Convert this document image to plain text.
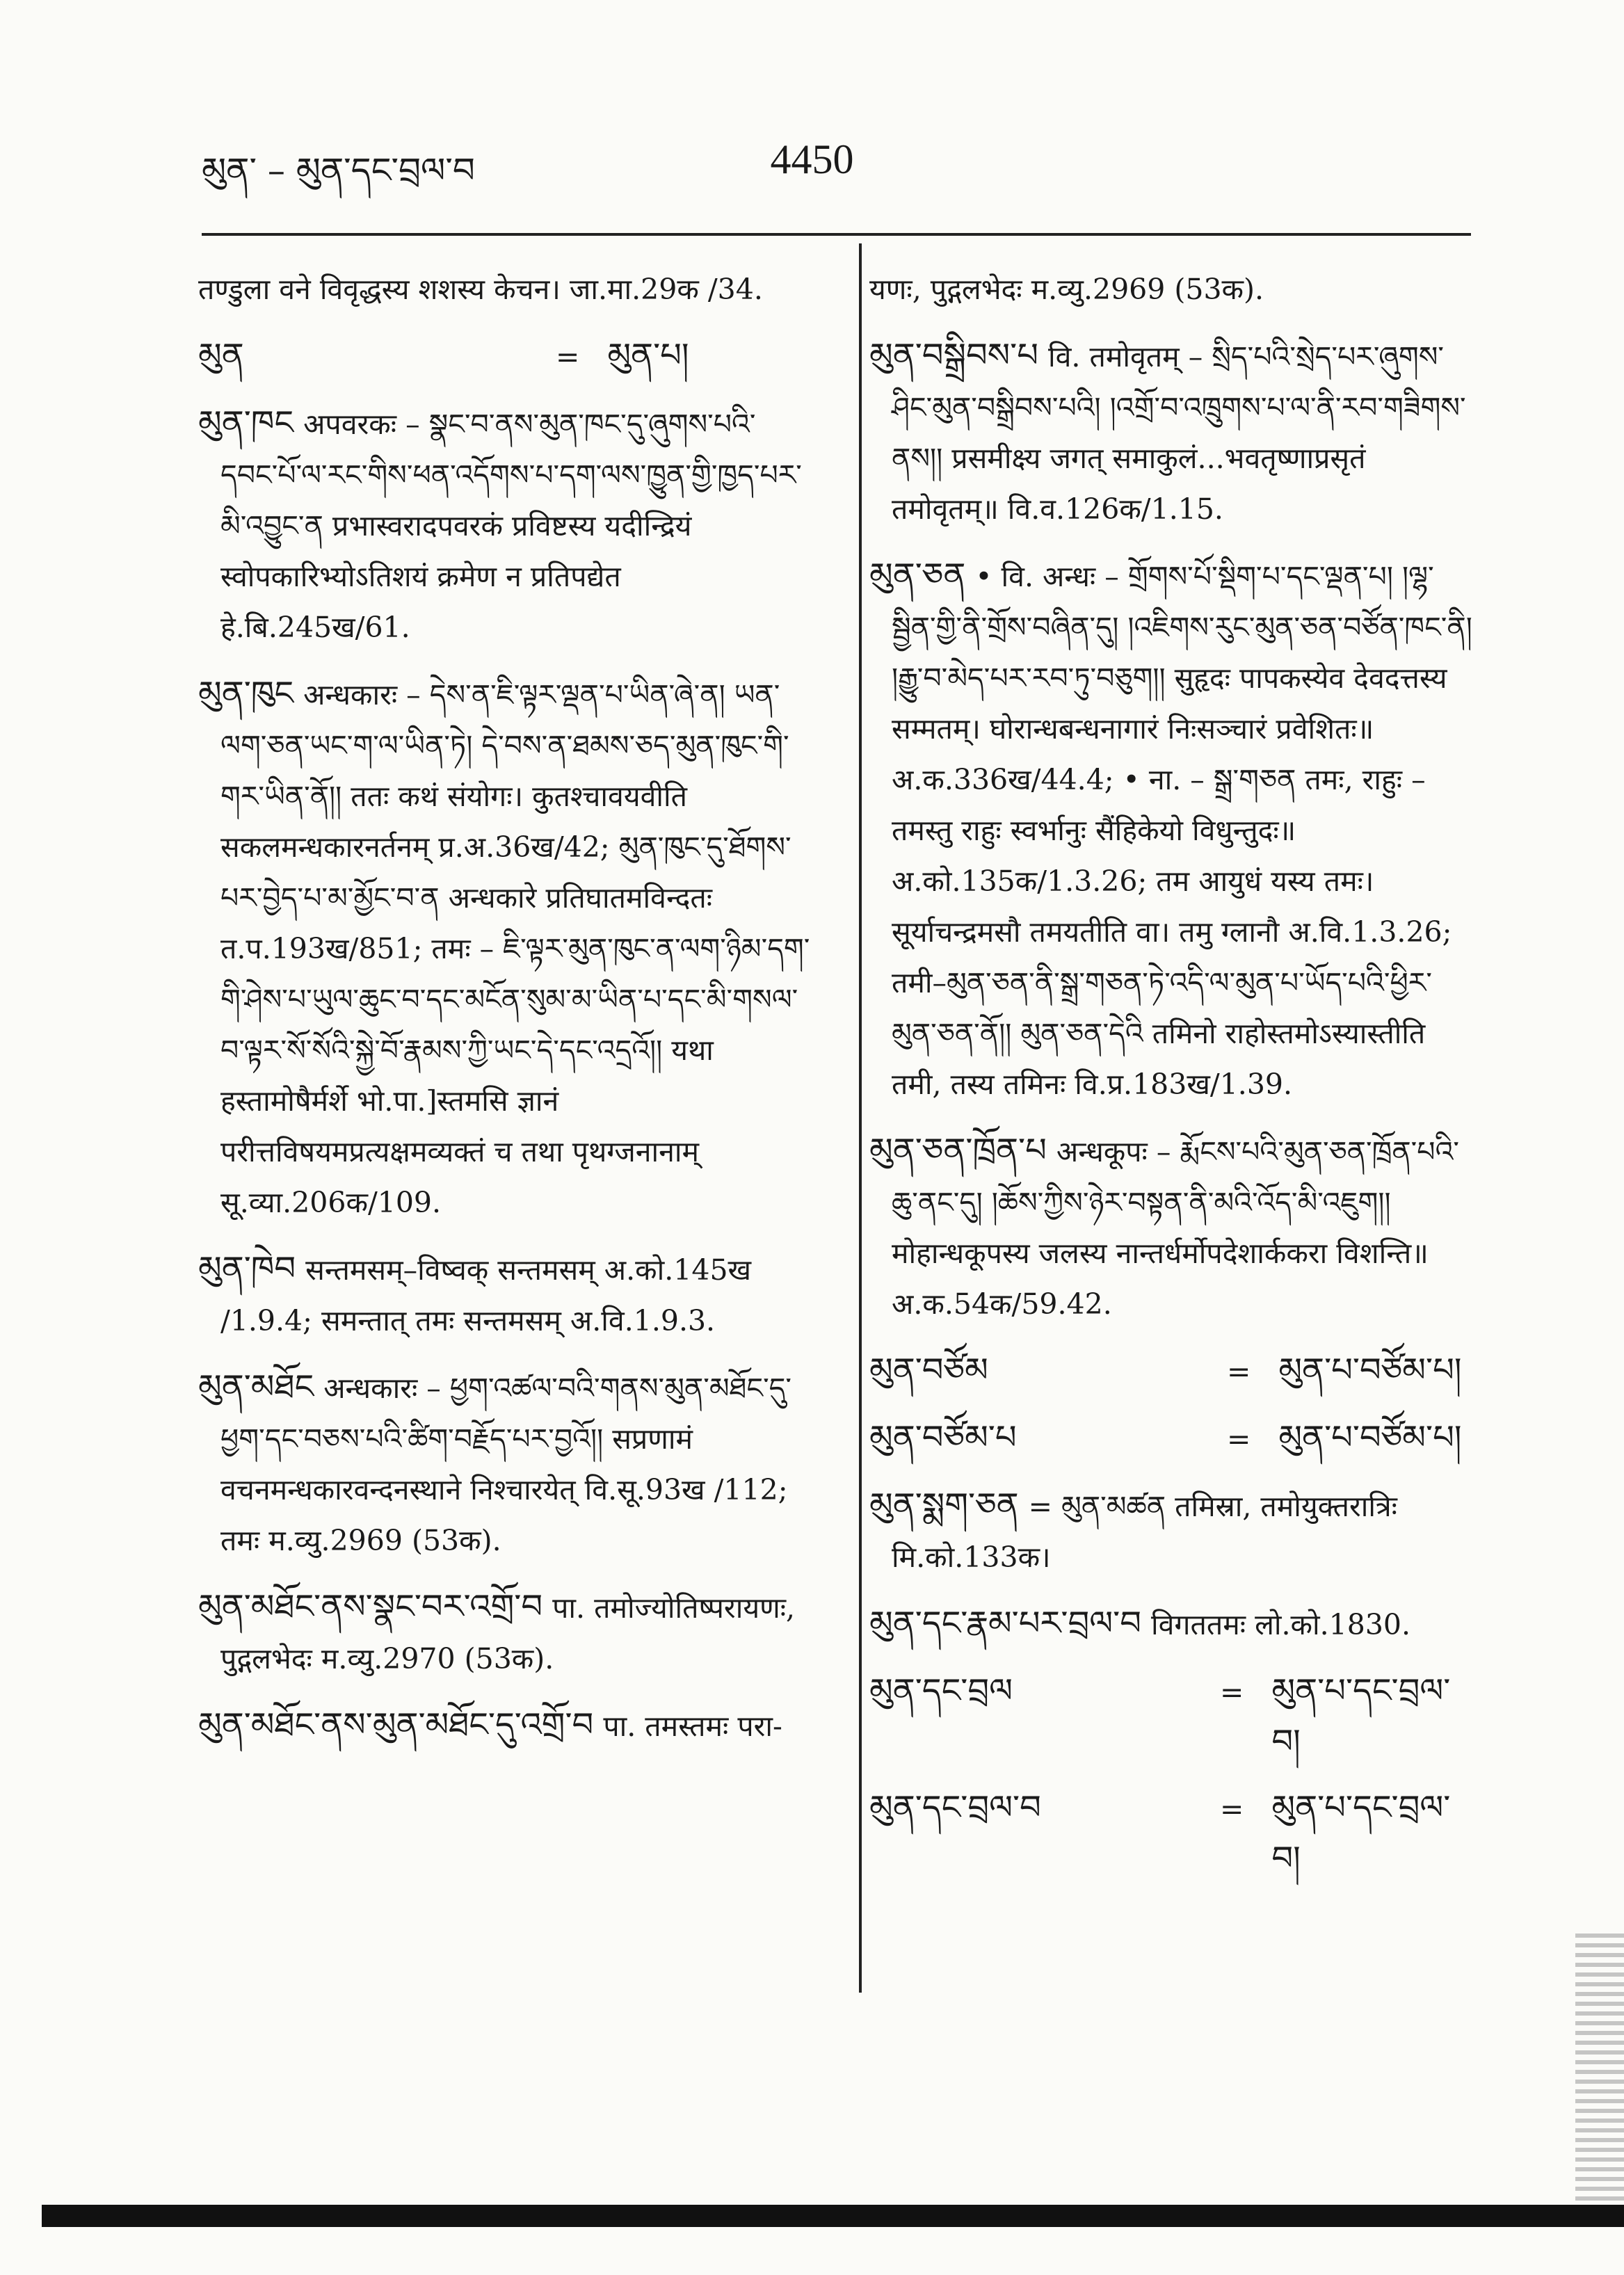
མུན་ – མུན་དང་བྲལ་བ	4450
तण्डुला वने विवृद्धस्य शशस्य केचन। जा.मा.29क /34.
མུན	= མུན་པ།
མུན་ཁང अपवरकः – སྣང་བ་ནས་མུན་ཁང་དུ་ཞུགས་པའི་དབང་པོ་ལ་རང་གིས་ཕན་འདོགས་པ་དག་ལས་ཁྱུན་གྱི་ཁྱད་པར་མི་འབྱུང་ན प्रभास्वरादपवरकं प्रविष्टस्य यदीन्द्रियं स्वोपकारिभ्योऽतिशयं क्रमेण न प्रतिपद्येत हे.बि.245ख/61.
མུན་ཁུང अन्धकारः – དེས་ན་ཇི་ལྟར་ལྡན་པ་ཡིན་ཞེ་ན། ཡན་ལག་ཅན་ཡང་ག་ལ་ཡིན་ཏེ། དེ་བས་ན་ཐམས་ཅད་མུན་ཁུང་གི་གར་ཡིན་ནོ།། ततः कथं संयोगः। कुतश्चावयवीति सकलमन्धकारनर्तनम् प्र.अ.36ख/42; མུན་ཁུང་དུ་ཐོགས་པར་བྱེད་པ་མ་མྱོང་བ་ན अन्धकारे प्रतिघातमविन्दतः त.प.193ख/851; तमः – ཇི་ལྟར་མུན་ཁུང་ན་ལག་ཉིམ་དག་གི་ཤེས་པ་ཡུལ་ཆུང་བ་དང་མངོན་སུམ་མ་ཡིན་པ་དང་མི་གསལ་བ་ལྟར་སོ་སོའི་སྐྱེ་བོ་རྣམས་ཀྱི་ཡང་དེ་དང་འདྲའོ།། यथा हस्तामोषैर्मर्शे भो.पा.]स्तमसि ज्ञानं परीत्तविषयमप्रत्यक्षमव्यक्तं च तथा पृथग्जनानाम् सू.व्या.206क/109.
མུན་ཁེབ सन्तमसम्–विष्वक् सन्तमसम् अ.को.145ख /1.9.4; समन्तात् तमः सन्तमसम् अ.वि.1.9.3.
མུན་མཐོང अन्धकारः – ཕྱག་འཚལ་བའི་གནས་མུན་མཐོང་དུ་ཕྱག་དང་བཅས་པའི་ཚིག་བརྗོད་པར་བྱའོ།། सप्रणामं वचनमन्धकारवन्दनस्थाने निश्चारयेत् वि.सू.93ख /112; तमः म.व्यु.2969 (53क).
མུན་མཐོང་ནས་སྣང་བར་འགྲོ་བ पा. तमोज्योतिष्परायणः, पुद्गलभेदः म.व्यु.2970 (53क).
མུན་མཐོང་ནས་མུན་མཐོང་དུ་འགྲོ་བ पा. तमस्तमः परा-
यणः, पुद्गलभेदः म.व्यु.2969 (53क).
མུན་བསྒྲིབས་པ वि. तमोवृतम् – སྲིད་པའི་སྲེད་པར་ཞུགས་ཤིང་མུན་བསྒྲིབས་པའི། །འགྲོ་བ་འཁྲུགས་པ་ལ་ནི་རབ་གཟིགས་ནས།། प्रसमीक्ष्य जगत् समाकुलं...भवतृष्णाप्रसृतं तमोवृतम्॥ वि.व.126क/1.15.
མུན་ཅན • वि. अन्धः – གྲོགས་པོ་སྡིག་པ་དང་ལྡན་པ། །ལྷ་སྦྱིན་གྱི་ནི་གྲོས་བཞིན་དུ། །འཇིགས་རུང་མུན་ཅན་བཙོན་ཁང་ནི། །རྒྱུ་བ་མེད་པར་རབ་ཏུ་བཅུག།། सुहृदः पापकस्येव देवदत्तस्य सम्मतम्। घोरान्धबन्धनागारं निःसञ्चारं प्रवेशितः॥ अ.क.336ख/44.4; • ना. – སྒྲ་གཅན तमः, राहुः – तमस्तु राहुः स्वर्भानुः सैंहिकेयो विधुन्तुदः॥ अ.को.135क/1.3.26; तम आयुधं यस्य तमः। सूर्याचन्द्रमसौ तमयतीति वा। तमु ग्लानौ अ.वि.1.3.26; तमी–མུན་ཅན་ནི་སྒྲ་གཅན་ཏེ་འདི་ལ་མུན་པ་ཡོད་པའི་ཕྱིར་མུན་ཅན་ནོ།། མུན་ཅན་དེའི तमिनो राहोस्तमोऽस्यास्तीति तमी, तस्य तमिनः वि.प्र.183ख/1.39.
མུན་ཅན་ཁྲོན་པ अन्धकूपः – རྨོངས་པའི་མུན་ཅན་ཁྲོན་པའི་ཆུ་ནང་དུ། །ཆོས་ཀྱིས་ཉེར་བསྟན་ནི་མའི་འོད་མི་འཇུག།། मोहान्धकूपस्य जलस्य नान्तर्धर्मोपदेशार्ककरा विशन्ति॥ अ.क.54क/59.42.
མུན་བཙོམ	= མུན་པ་བཙོམ་པ།
མུན་བཙོམ་པ	= མུན་པ་བཙོམ་པ།
མུན་སྨག་ཅན = མུན་མཚན तमिस्रा, तमोयुक्तरात्रिः मि.को.133क।
མུན་དང་རྣམ་པར་བྲལ་བ विगततमः लो.को.1830.
མུན་དང་བྲལ	= མུན་པ་དང་བྲལ་བ།
མུན་དང་བྲལ་བ	= མུན་པ་དང་བྲལ་བ།
